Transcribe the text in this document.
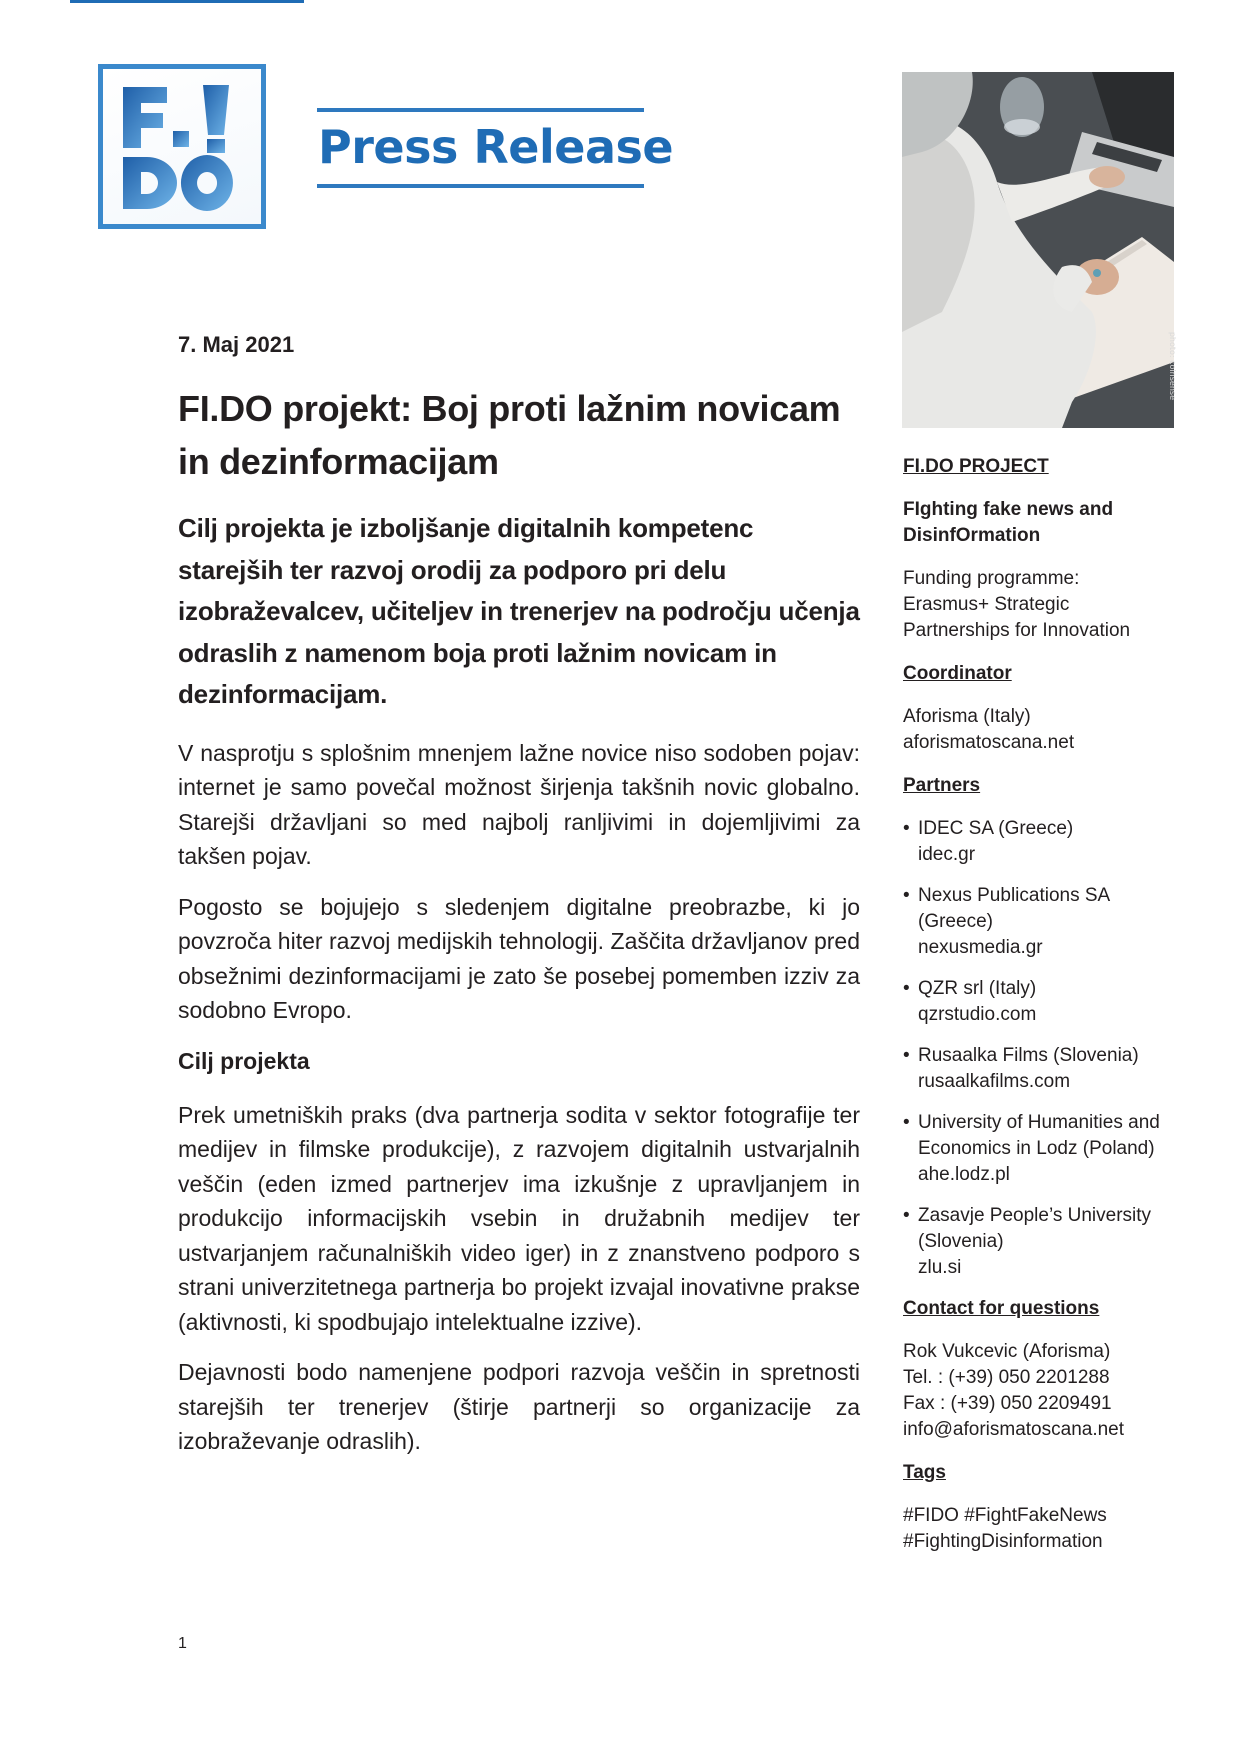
Press Release
7. Maj 2021
FI.DO projekt: Boj proti lažnim novicam in dezinformacijam
Cilj projekta je izboljšanje digitalnih kompetenc starejših ter razvoj orodij za podporo pri delu izobraževalcev, učiteljev in trenerjev na področju učenja odraslih z namenom boja proti lažnim novicam in dezinformacijam.

V nasprotju s splošnim mnenjem lažne novice niso sodoben pojav: internet je samo povečal možnost širjenja takšnih novic globalno. Starejši državljani so med najbolj ranljivimi in dojemljivimi za takšen pojav.

Pogosto se bojujejo s sledenjem digitalne preobrazbe, ki jo povzroča hiter razvoj medijskih tehnologij. Zaščita državljanov pred obsežnimi dezinformacijami je zato še posebej pomemben izziv za sodobno Evropo.

Cilj projekta

Prek umetniških praks (dva partnerja sodita v sektor fotografije ter medijev in filmske produkcije), z razvojem digitalnih ustvarjalnih veščin (eden izmed partnerjev ima izkušnje z upravljanjem in produkcijo informacijskih vsebin in družabnih medijev ter ustvarjanjem računalniških video iger) in z znanstveno podporo s strani univerzitetnega partnerja bo projekt izvajal inovativne prakse (aktivnosti, ki spodbujajo intelektualne izzive).

Dejavnosti bodo namenjene podpori razvoja veščin in spretnosti starejših ter trenerjev (štirje partnerji so organizacije za izobraževanje odraslih).

photo: coinsense
FI.DO PROJECT
FIghting fake news and
DisinfOrmation
Funding programme:
Erasmus+ Strategic
Partnerships for Innovation
Coordinator
Aforisma (Italy)
aforismatoscana.net
Partners
• IDEC SA (Greece)
idec.gr
• Nexus Publications SA
(Greece)
nexusmedia.gr
• QZR srl (Italy)
qzrstudio.com
• Rusaalka Films (Slovenia)
rusaalkafilms.com
• University of Humanities and
Economics in Lodz (Poland)
ahe.lodz.pl
• Zasavje People’s University
(Slovenia)
zlu.si
Contact for questions
Rok Vukcevic (Aforisma)
Tel. : (+39) 050 2201288
Fax : (+39) 050 2209491
info@aforismatoscana.net
Tags
#FIDO #FightFakeNews
#FightingDisinformation
1
